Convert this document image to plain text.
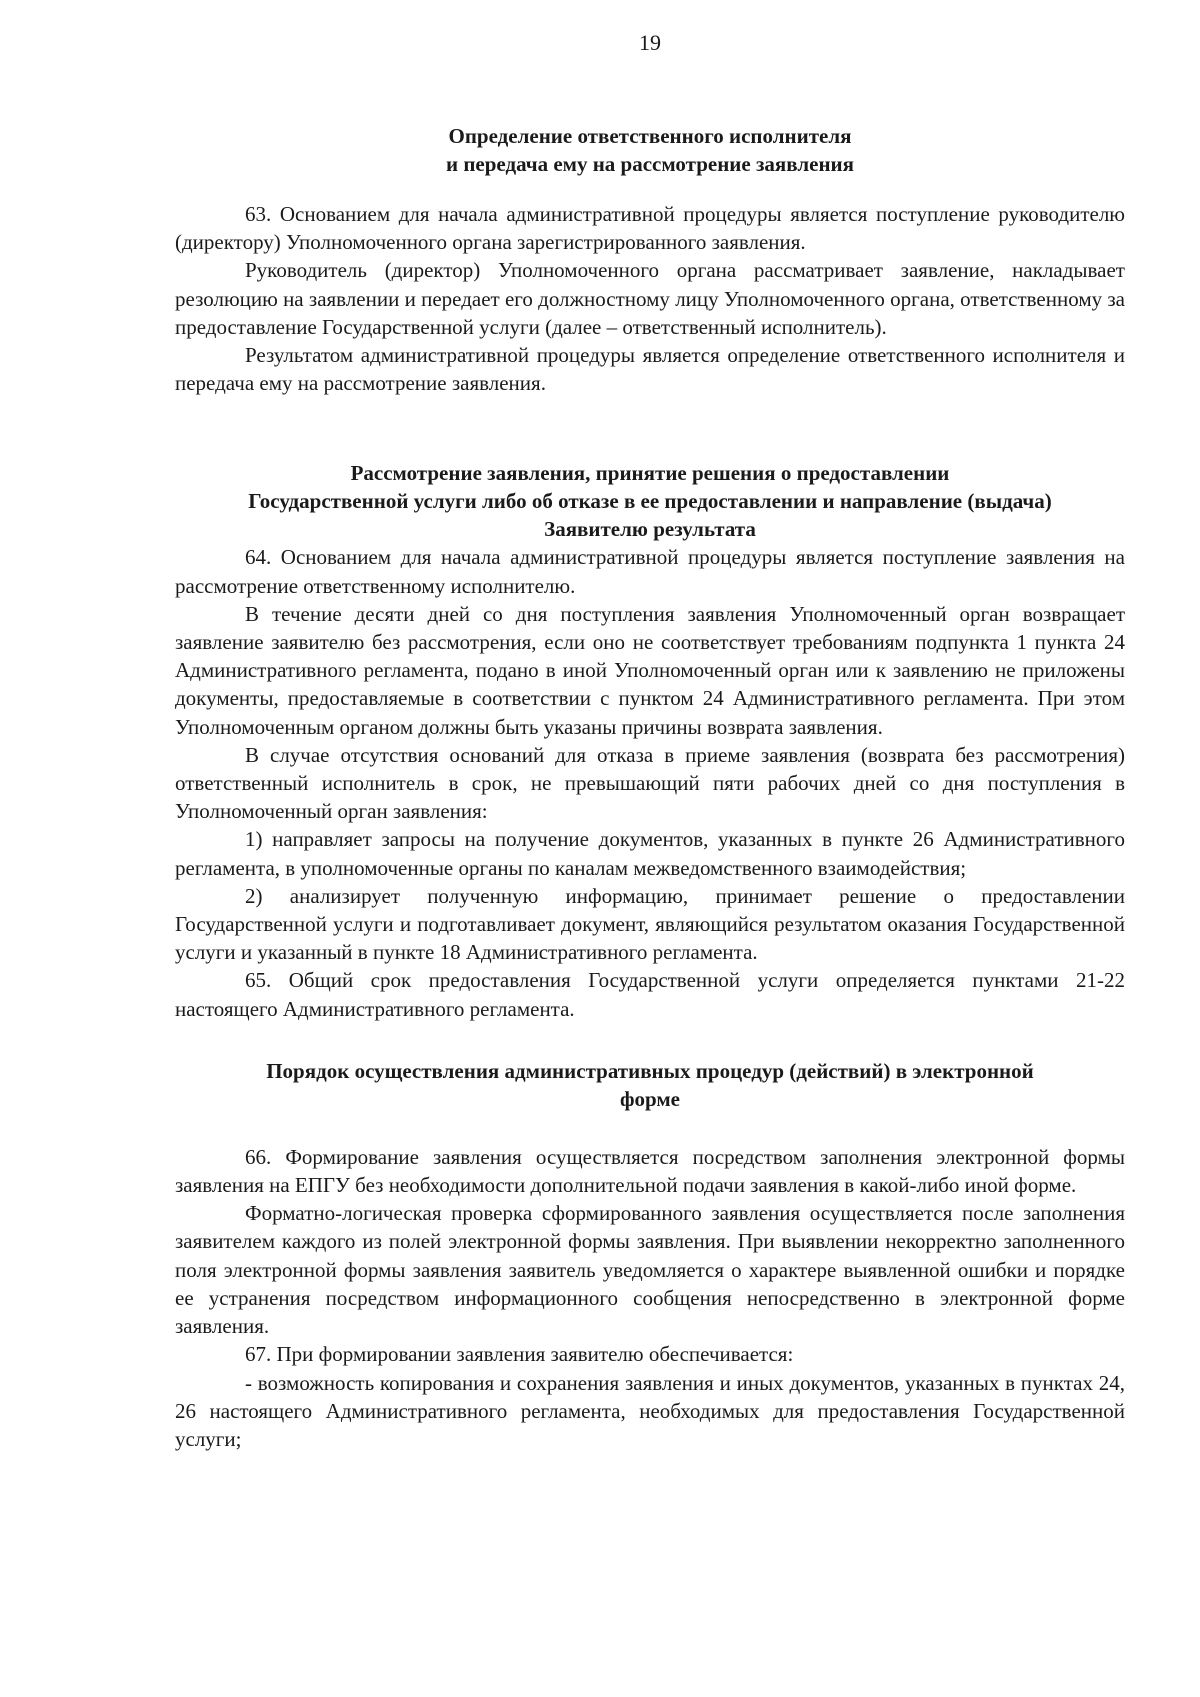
19
Определение ответственного исполнителя
и передача ему на рассмотрение заявления

63. Основанием для начала административной процедуры является поступление руководителю (директору) Уполномоченного органа зарегистрированного заявления.

Руководитель (директор) Уполномоченного органа рассматривает заявление, накладывает резолюцию на заявлении и передает его должностному лицу Уполномоченного органа, ответственному за предоставление Государственной услуги (далее – ответственный исполнитель).

Результатом административной процедуры является определение ответственного исполнителя и передача ему на рассмотрение заявления.

Рассмотрение заявления, принятие решения о предоставлении
Государственной услуги либо об отказе в ее предоставлении и направление (выдача)
Заявителю результата

64. Основанием для начала административной процедуры является поступление заявления на рассмотрение ответственному исполнителю.

В течение десяти дней со дня поступления заявления Уполномоченный орган возвращает заявление заявителю без рассмотрения, если оно не соответствует требованиям подпункта 1 пункта 24 Административного регламента, подано в иной Уполномоченный орган или к заявлению не приложены документы, предоставляемые в соответствии с пунктом 24 Административного регламента. При этом Уполномоченным органом должны быть указаны причины возврата заявления.

В случае отсутствия оснований для отказа в приеме заявления (возврата без рассмотрения) ответственный исполнитель в срок, не превышающий пяти рабочих дней со дня поступления в Уполномоченный орган заявления:

1) направляет запросы на получение документов, указанных в пункте 26 Административного регламента, в уполномоченные органы по каналам межведомственного взаимодействия;

2) анализирует полученную информацию, принимает решение о предоставлении Государственной услуги и подготавливает документ, являющийся результатом оказания Государственной услуги и указанный в пункте 18 Административного регламента.

65. Общий срок предоставления Государственной услуги определяется пунктами 21-22 настоящего Административного регламента.

Порядок осуществления административных процедур (действий) в электронной
форме

66. Формирование заявления осуществляется посредством заполнения электронной формы заявления на ЕПГУ без необходимости дополнительной подачи заявления в какой-либо иной форме.

Форматно-логическая проверка сформированного заявления осуществляется после заполнения заявителем каждого из полей электронной формы заявления. При выявлении некорректно заполненного поля электронной формы заявления заявитель уведомляется о характере выявленной ошибки и порядке ее устранения посредством информационного сообщения непосредственно в электронной форме заявления.

67. При формировании заявления заявителю обеспечивается:

- возможность копирования и сохранения заявления и иных документов, указанных в пунктах 24, 26 настоящего Административного регламента, необходимых для предоставления Государственной услуги;
